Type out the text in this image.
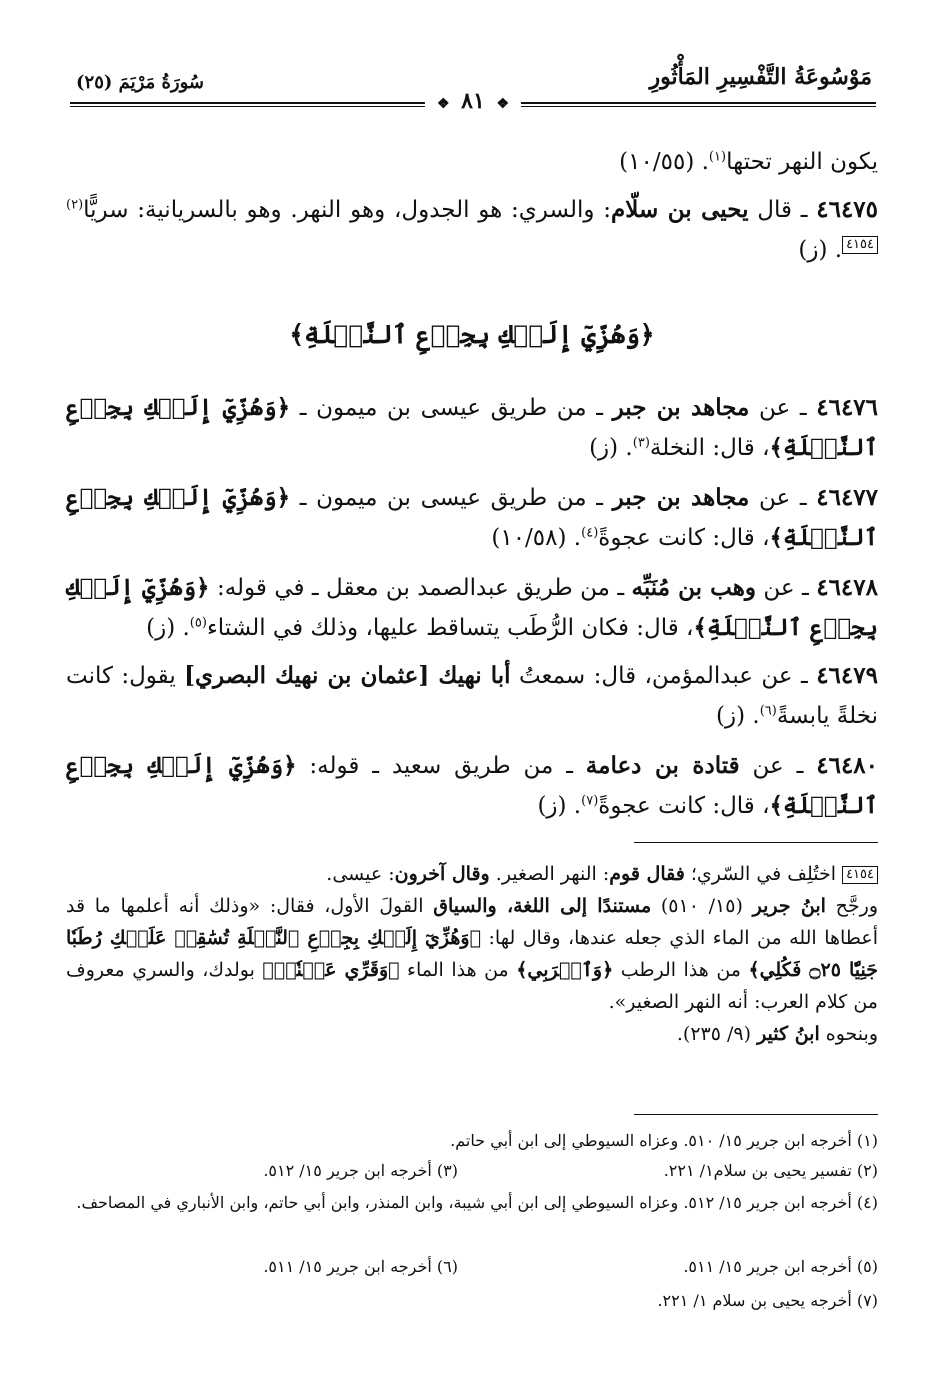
سُورَةُ مَرْيَمَ (٢٥)	مَوْسُوعَةُ التَّفْسِيرِ المَأْثُورِ
❖ ٨١ ❖
يكون النهر تحتها$^{(١)}$. (١٠/٥٥)
٤٦٤٧٥ ـ قال يحيى بن سلّام: والسري: هو الجدول، وهو النهر. وهو بالسريانية: سريًّا$^{(٢)}$٤١٥٤. (ز)
﴿وَهُزِّيٓ إِلَيۡكِ بِجِذۡعِ ٱلنَّخۡلَةِ﴾
٤٦٤٧٦ ـ عن مجاهد بن جبر ـ من طريق عيسى بن ميمون ـ ﴿وَهُزِّيٓ إِلَيۡكِ بِجِذۡعِ ٱلنَّخۡلَةِ﴾، قال: النخلة$^{(٣)}$. (ز)
٤٦٤٧٧ ـ عن مجاهد بن جبر ـ من طريق عيسى بن ميمون ـ ﴿وَهُزِّيٓ إِلَيۡكِ بِجِذۡعِ ٱلنَّخۡلَةِ﴾، قال: كانت عجوةً$^{(٤)}$. (١٠/٥٨)
٤٦٤٧٨ ـ عن وهب بن مُنَبِّه ـ من طريق عبدالصمد بن معقل ـ في قوله: ﴿وَهُزِّيٓ إِلَيۡكِ بِجِذۡعِ ٱلنَّخۡلَةِ﴾، قال: فكان الرُّطَب يتساقط عليها، وذلك في الشتاء$^{(٥)}$. (ز)
٤٦٤٧٩ ـ عن عبدالمؤمن، قال: سمعتُ أبا نهيك [عثمان بن نهيك البصري] يقول: كانت نخلةً يابسةً$^{(٦)}$. (ز)
٤٦٤٨٠ ـ عن قتادة بن دعامة ـ من طريق سعيد ـ قوله: ﴿وَهُزِّيٓ إِلَيۡكِ بِجِذۡعِ ٱلنَّخۡلَةِ﴾، قال: كانت عجوةً$^{(٧)}$. (ز)
٤١٥٤ اختُلِف في السّري؛ فقال قوم: النهر الصغير. وقال آخرون: عيسى.
ورجَّح ابنُ جرير (١٥/ ٥١٠) مستندًا إلى اللغة، والسياق القولَ الأول، فقال: «وذلك أنه أعلمها ما قد أعطاها الله من الماء الذي جعله عندها، وقال لها: ﴿وَهُزِّيٓ إِلَيۡكِ بِجِذۡعِ ٱلنَّخۡلَةِ تُسَٰقِطۡ عَلَيۡكِ رُطَبٗا جَنِيّٗا ۝٢٥ فَكُلِي﴾ من هذا الرطب ﴿وَٱشۡرَبِي﴾ من هذا الماء ﴿وَقَرِّي عَيۡنٗاۖ﴾ بولدك، والسري معروف من كلام العرب: أنه النهر الصغير».
وبنحوه ابنُ كثير (٩/ ٢٣٥).
(١) أخرجه ابن جرير ١٥/ ٥١٠. وعزاه السيوطي إلى ابن أبي حاتم.
(٢) تفسير يحيى بن سلام١/ ٢٢١.
(٣) أخرجه ابن جرير ١٥/ ٥١٢.
(٤) أخرجه ابن جرير ١٥/ ٥١٢. وعزاه السيوطي إلى ابن أبي شيبة، وابن المنذر، وابن أبي حاتم، وابن الأنباري في المصاحف.
(٥) أخرجه ابن جرير ١٥/ ٥١١.
(٦) أخرجه ابن جرير ١٥/ ٥١١.
(٧) أخرجه يحيى بن سلام ١/ ٢٢١.
